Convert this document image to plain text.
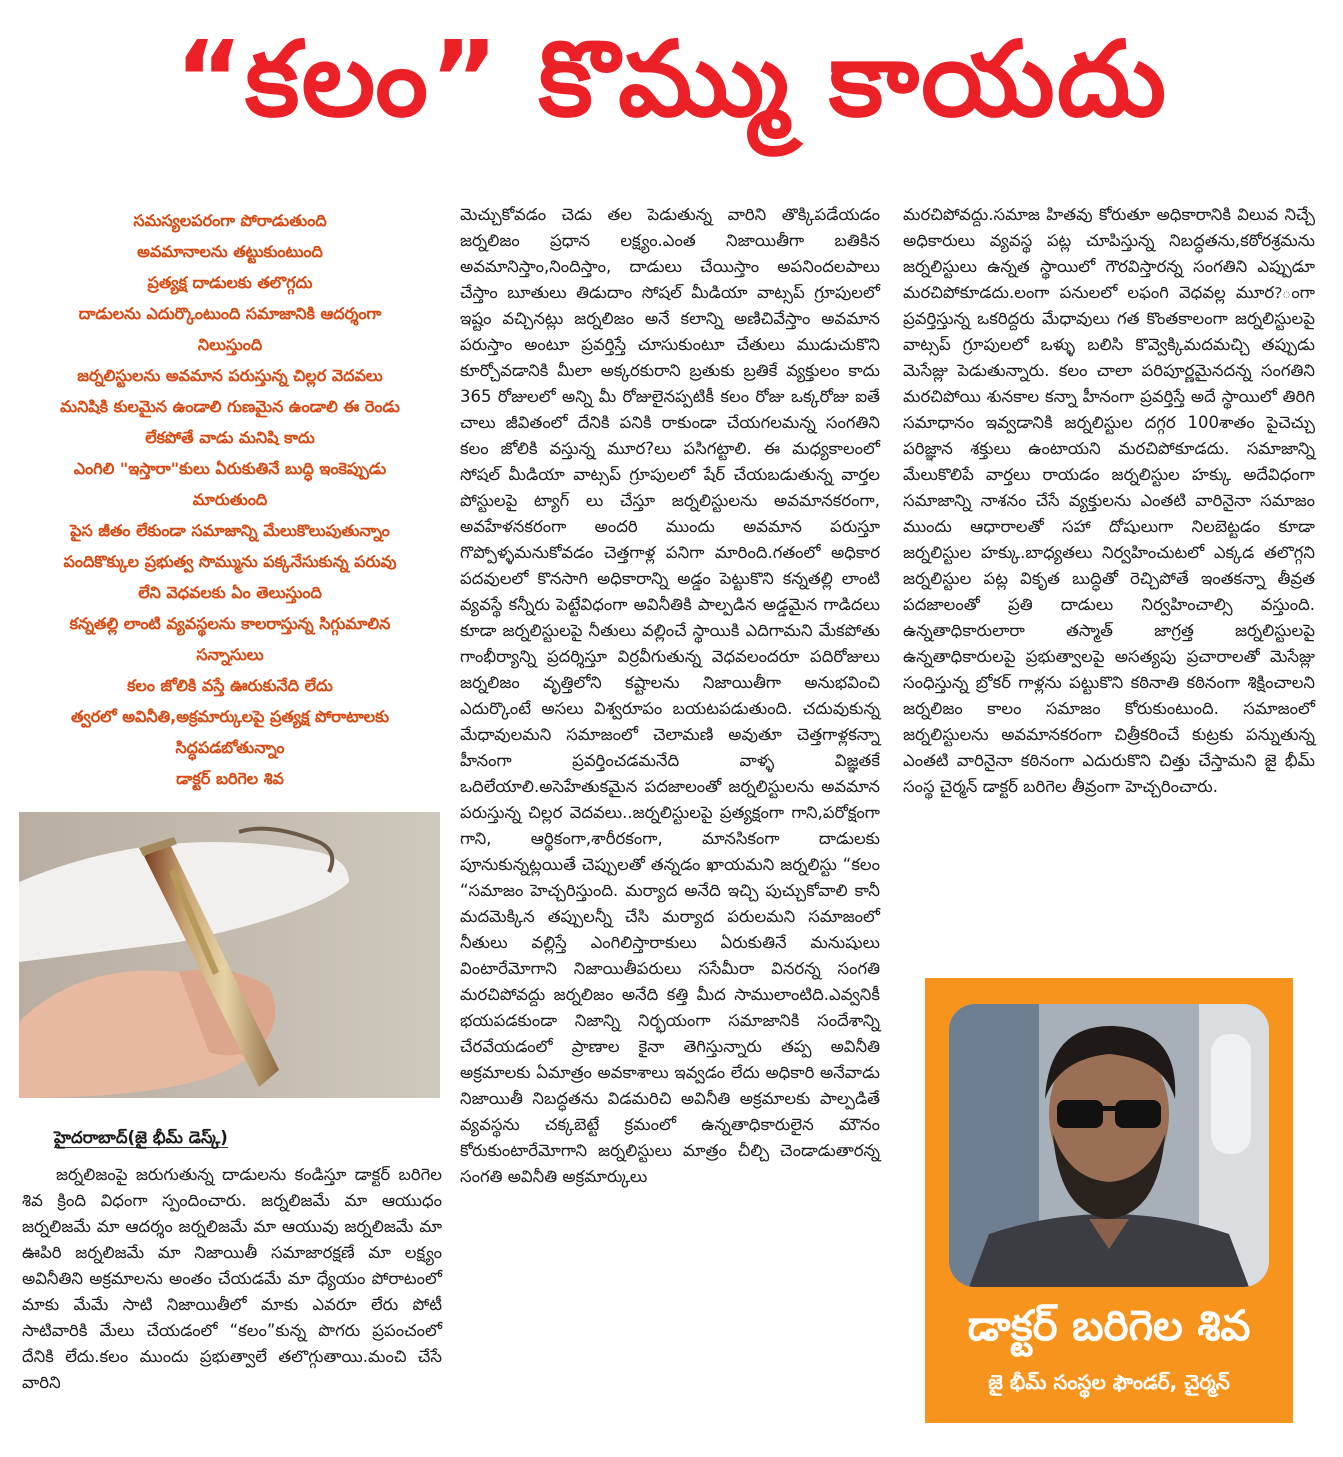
“కలం” కొమ్ము కాయదు
సమస్యలపరంగా పోరాడుతుంది
అవమానాలను తట్టుకుంటుంది
ప్రత్యక్ష దాడులకు తలొగ్గదు
దాడులను ఎదుర్కొంటుంది సమాజానికి ఆదర్శంగా
నిలుస్తుంది
జర్నలిస్టులను అవమాన పరుస్తున్న చిల్లర వెదవలు
మనిషికి కులమైన ఉండాలి గుణమైన ఉండాలి ఈ రెండు
లేకపోతే వాడు మనిషి కాదు
ఎంగిలి "ఇస్తారా"కులు ఏరుకుతినే బుద్ధి ఇంకెప్పుడు
మారుతుంది
పైస జీతం లేకుండా సమాజాన్ని మేలుకొలుపుతున్నాం
పందికొక్కుల ప్రభుత్వ సొమ్మును పక్కనేసుకున్న పరువు
లేని వెధవలకు ఏం తెలుస్తుంది
కన్నతల్లి లాంటి వ్యవస్థలను కాలరాస్తున్న సిగ్గుమాలిన
సన్నాసులు
కలం జోలికి వస్తే ఊరుకునేది లేదు
త్వరలో అవినీతి,అక్రమార్కులపై ప్రత్యక్ష పోరాటాలకు
సిద్ధపడబోతున్నాం
డాక్టర్ బరిగెల శివ
హైదరాబాద్(జై భీమ్ డెస్క్)

జర్నలిజంపై జరుగుతున్న దాడులను కండిస్తూ డాక్టర్ బరిగెల శివ క్రింది విధంగా స్పందించారు. జర్నలిజమే మా ఆయుధం జర్నలిజమే మా ఆదర్శం జర్నలిజమే మా ఆయువు జర్నలిజమే మా ఊపిరి జర్నలిజమే మా నిజాయితీ సమాజారక్షణే మా లక్ష్యం అవినీతిని అక్రమాలను అంతం చేయడమే మా ధ్యేయం పోరాటంలో మాకు మేమే సాటి నిజాయితీలో మాకు ఎవరూ లేరు పోటీ సాటివారికి మేలు చేయడంలో “కలం”కున్న పొగరు ప్రపంచంలో దేనికి లేదు.కలం ముందు ప్రభుత్వాలే తలొగ్గుతాయి.మంచి చేసే వారిని

మెచ్చుకోవడం చెడు తల పెడుతున్న వారిని తొక్కిపడేయడం జర్నలిజం ప్రధాన లక్ష్యం.ఎంత నిజాయితీగా బతికిన అవమానిస్తాం,నిందిస్తాం, దాడులు చేయిస్తాం అపనిందలపాలు చేస్తాం బూతులు తిడుదాం సోషల్ మీడియా వాట్సప్ గ్రూపులలో ఇష్టం వచ్చినట్లు జర్నలిజం అనే కలాన్ని అణిచివేస్తాం అవమాన పరుస్తాం అంటూ ప్రవర్తిస్తే చూసుకుంటూ చేతులు ముడుచుకొని కూర్చోవడానికి మీలా అక్కరకురాని బ్రతుకు బ్రతికే వ్యక్తులం కాదు 365 రోజులలో అన్ని మీ రోజులైనప్పటికీ కలం రోజు ఒక్కరోజు ఐతే చాలు జీవితంలో దేనికి పనికి రాకుండా చేయగలమన్న సంగతిని కలం జోలికి వస్తున్న మూర?లు పసిగట్టాలి. ఈ మధ్యకాలంలో సోషల్ మీడియా వాట్సప్ గ్రూపులలో షేర్ చేయబడుతున్న వార్తల పోస్టులపై ట్యాగ్ లు చేస్తూ జర్నలిస్టులను అవమానకరంగా, అవహేళనకరంగా అందరి ముందు అవమాన పరుస్తూ గొప్పోళ్ళమనుకోవడం చెత్తగాళ్ల పనిగా మారింది.గతంలో అధికార పదవులలో కొనసాగి అధికారాన్ని అడ్డం పెట్టుకొని కన్నతల్లి లాంటి వ్యవస్థే కన్నీరు పెట్టేవిధంగా అవినీతికి పాల్పడిన అడ్డమైన గాడిదలు కూడా జర్నలిస్టులపై నీతులు వల్లించే స్థాయికి ఎదిగామని మేకపోతు గాంభీర్యాన్ని ప్రదర్శిస్తూ విర్రవీగుతున్న వెధవలందరూ పదిరోజులు జర్నలిజం వృత్తిలోని కష్టాలను నిజాయితీగా అనుభవించి ఎదుర్కొంటే అసలు విశ్వరూపం బయటపడుతుంది. చదువుకున్న మేధావులమని సమాజంలో చెలామణి అవుతూ చెత్తగాళ్లకన్నా హీనంగా ప్రవర్తించడమనేది వాళ్ళ విజ్ఞతకే ఒదిలేయాలి.అసెహేతుకమైన పదజాలంతో జర్నలిస్టులను అవమాన పరుస్తున్న చిల్లర వెదవలు..జర్నలిస్టులపై ప్రత్యక్షంగా గాని,పరోక్షంగా గాని, ఆర్థికంగా,శారీరకంగా, మానసికంగా దాడులకు పూనుకున్నట్లయితే చెప్పులతో తన్నడం ఖాయమని జర్నలిస్టు “కలం “సమాజం హెచ్చరిస్తుంది. మర్యాద అనేది ఇచ్చి పుచ్చుకోవాలి కానీ మదమెక్కిన తప్పులన్నీ చేసి మర్యాద పరులమని సమాజంలో నీతులు వల్లిస్తే ఎంగిలిస్తారాకులు ఏరుకుతినే మనుషులు వింటారేమోగాని నిజాయితీపరులు ససేమీరా వినరన్న సంగతి మరచిపోవద్దు జర్నలిజం అనేది కత్తి మీద సాములాంటిది.ఎవ్వనికీ భయపడకుండా నిజాన్ని నిర్భయంగా సమాజానికి సందేశాన్ని చేరవేయడంలో ప్రాణాల కైనా తెగిస్తున్నారు తప్ప అవినీతి అక్రమాలకు ఏమాత్రం అవకాశాలు ఇవ్వడం లేదు అధికారి అనేవాడు నిజాయితీ నిబద్ధతను విడమరిచి అవినీతి అక్రమాలకు పాల్పడితే వ్యవస్థను చక్కబెట్టే క్రమంలో ఉన్నతాధికారులైన మౌనం కోరుకుంటారేమోగాని జర్నలిస్టులు మాత్రం చీల్చి చెండాడుతారన్న సంగతి అవినీతి అక్రమార్కులు

మరచిపోవద్దు.సమాజ హితవు కోరుతూ అధికారానికి విలువ నిచ్చే అధికారులు వ్యవస్థ పట్ల చూపిస్తున్న నిబద్ధతను,కఠోరశ్రమను జర్నలిస్టులు ఉన్నత స్థాయిలో గౌరవిస్తారన్న సంగతిని ఎప్పుడూ మరచిపోకూడదు.లంగా పనులలో లఫంగి వెధవల్ల మూర?ంగా ప్రవర్తిస్తున్న ఒకరిద్దరు మేధావులు గత కొంతకాలంగా జర్నలిస్టులపై వాట్సప్ గ్రూపులలో ఒళ్ళు బలిసి కొవ్వెక్కిమదమచ్చి తప్పుడు మెసేజ్లు పెడుతున్నారు. కలం చాలా పరిపూర్ణమైనదన్న సంగతిని మరచిపోయి శునకాల కన్నా హీనంగా ప్రవర్తిస్తే అదే స్థాయిలో తిరిగి సమాధానం ఇవ్వడానికి జర్నలిస్టుల దగ్గర 100శాతం పైచెచ్చు పరిజ్ఞాన శక్తులు ఉంటాయని మరచిపోకూడదు. సమాజాన్ని మేలుకొలిపే వార్తలు రాయడం జర్నలిస్టుల హక్కు అదేవిధంగా సమాజాన్ని నాశనం చేసే వ్యక్తులను ఎంతటి వారినైనా సమాజం ముందు ఆధారాలతో సహా దోషులుగా నిలబెట్టడం కూడా జర్నలిస్టుల హక్కు.బాధ్యతలు నిర్వహించుటలో ఎక్కడ తలొగ్గని జర్నలిస్టుల పట్ల వికృత బుద్ధితో రెచ్చిపోతే ఇంతకన్నా తీవ్రత పదజాలంతో ప్రతి దాడులు నిర్వహించాల్సి వస్తుంది. ఉన్నతాధికారులారా తస్మాత్ జాగ్రత్త జర్నలిస్టులపై ఉన్నతాధికారులపై ప్రభుత్వాలపై అసత్యపు ప్రచారాలతో మెసేజ్లు సంధిస్తున్న బ్రోకర్ గాళ్లను పట్టుకొని కఠినాతి కఠినంగా శిక్షించాలని జర్నలిజం కాలం సమాజం కోరుకుంటుంది. సమాజంలో జర్నలిస్టులను అవమానకరంగా చిత్రీకరించే కుట్రకు పన్నుతున్న ఎంతటి వారినైనా కఠినంగా ఎదురుకొని చిత్తు చేస్తామని జై భీమ్ సంస్థ చైర్మన్ డాక్టర్ బరిగెల తీవ్రంగా హెచ్చరించారు.

డాక్టర్ బరిగెల శివ
జై భీమ్ సంస్థల ఫౌండర్, చైర్మన్
